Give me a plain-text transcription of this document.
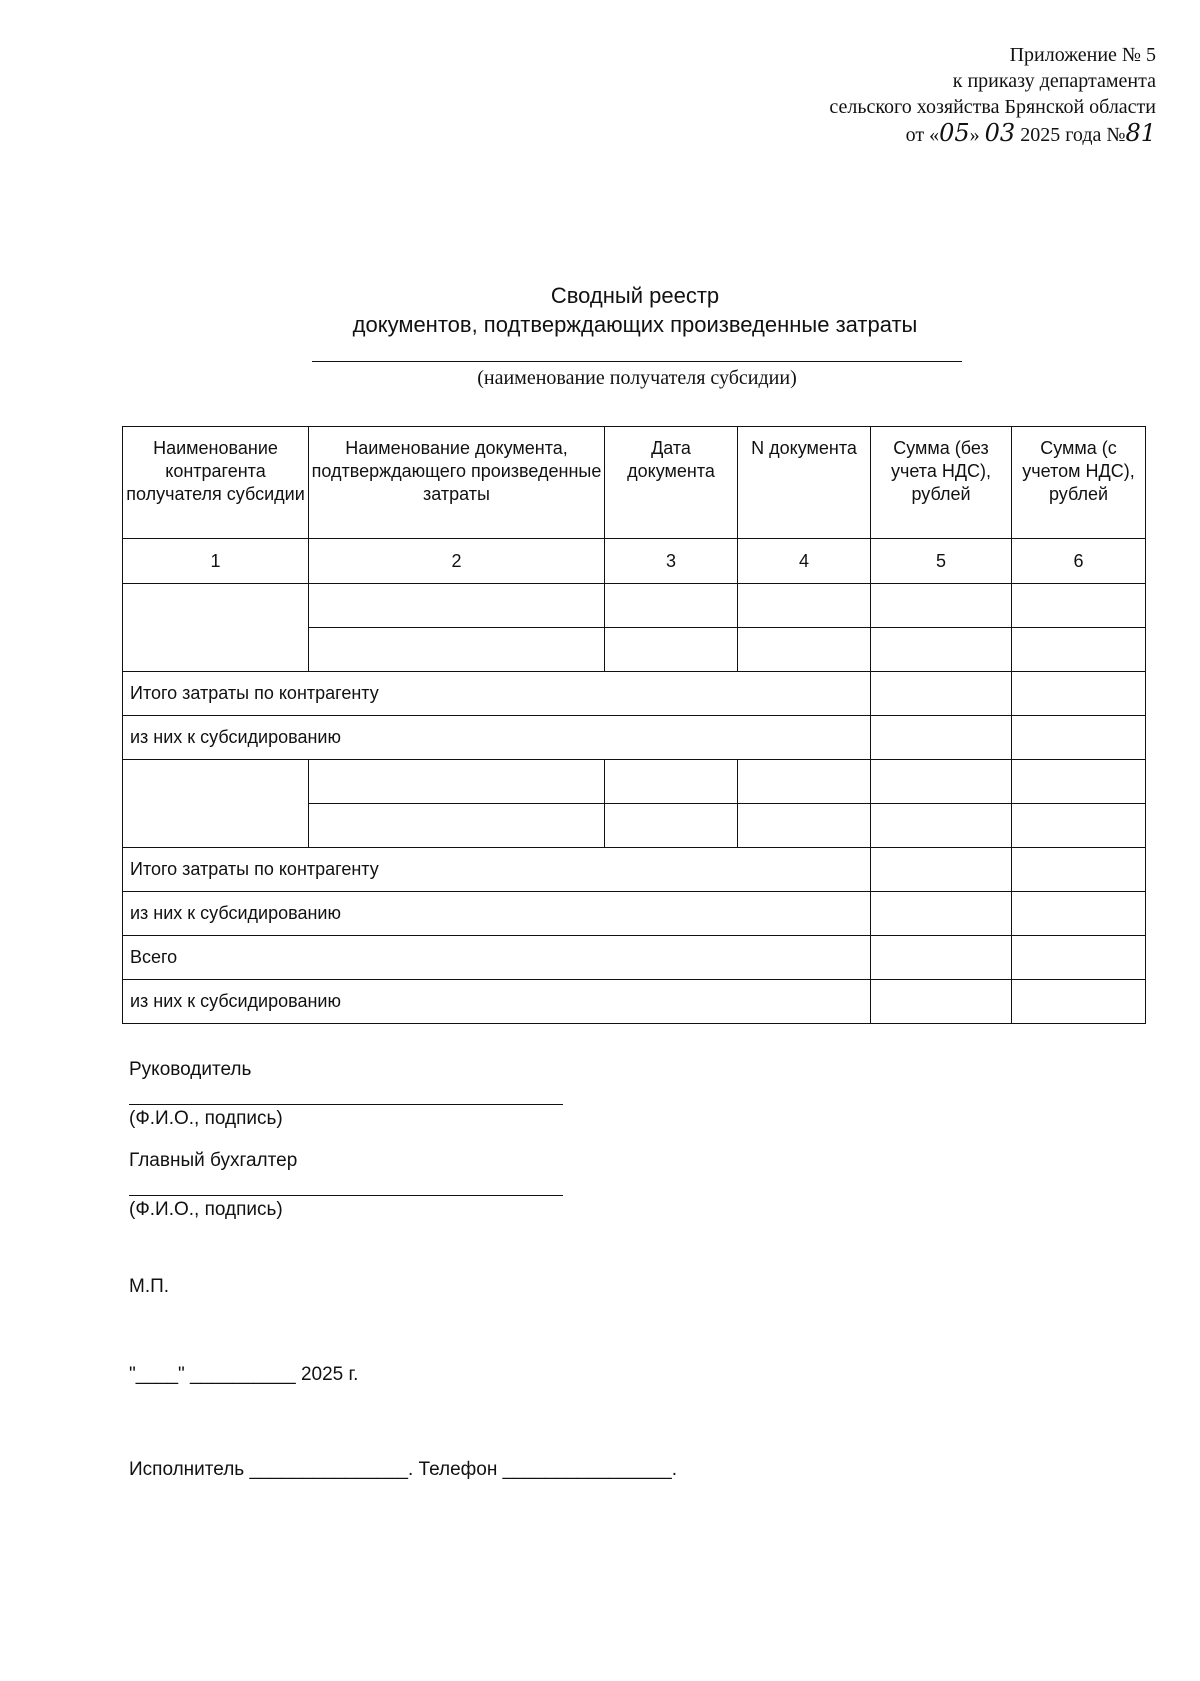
Приложение № 5
к приказу департамента
сельского хозяйства Брянской области
от «05» 03 2025 года №81
Сводный реестр
документов, подтверждающих произведенные затраты
(наименование получателя субсидии)
Наименование контрагента получателя субсидии	Наименование документа, подтверждающего произведенные затраты	Дата документа	N документа	Сумма (без учета НДС), рублей	Сумма (с учетом НДС), рублей
1	2	3	4	5	6

Итого затраты по контрагенту					
из них к субсидированию					

Итого затраты по контрагенту					
из них к субсидированию					
Всего					
из них к субсидированию					
Руководитель
(Ф.И.О., подпись)
Главный бухгалтер
(Ф.И.О., подпись)
М.П.
"____" __________ 2025 г.
Исполнитель _______________. Телефон ________________.
